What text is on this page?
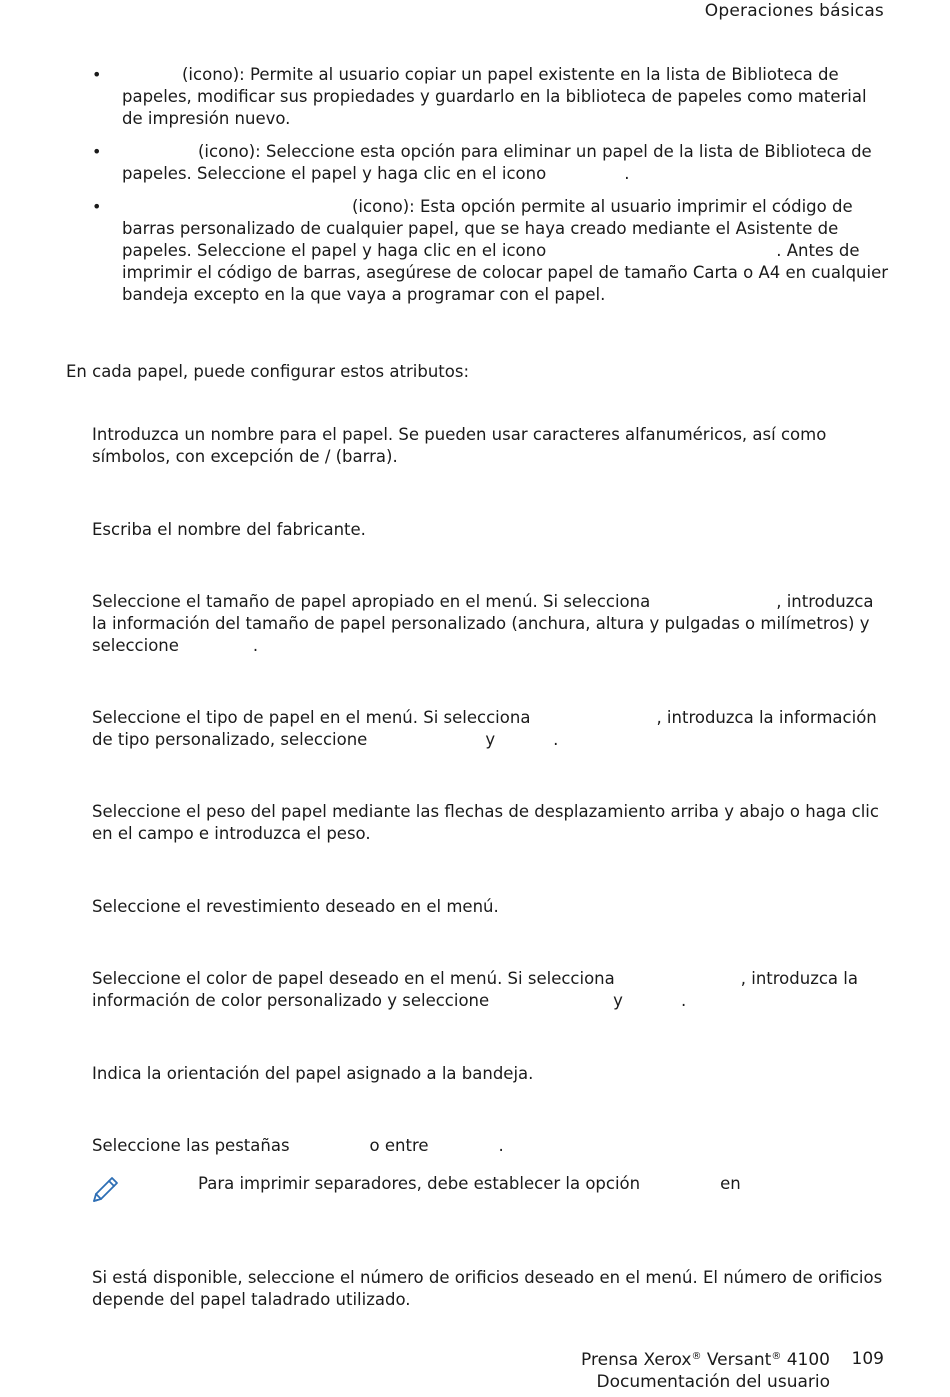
Operaciones básicas
•	(icono): Permite al usuario copiar un papel existente en la lista de Biblioteca de papeles, modificar sus propiedades y guardarlo en la biblioteca de papeles como material de impresión nuevo.
•	(icono): Seleccione esta opción para eliminar un papel de la lista de Biblioteca de papeles. Seleccione el papel y haga clic en el icono	.
•	(icono): Esta opción permite al usuario imprimir el código de barras personalizado de cualquier papel, que se haya creado mediante el Asistente de papeles. Seleccione el papel y haga clic en el icono	. Antes de imprimir el código de barras, asegúrese de colocar papel de tamaño Carta o A4 en cualquier bandeja excepto en la que vaya a programar con el papel.
En cada papel, puede configurar estos atributos:
Introduzca un nombre para el papel. Se pueden usar caracteres alfanuméricos, así como símbolos, con excepción de / (barra).
Escriba el nombre del fabricante.
Seleccione el tamaño de papel apropiado en el menú. Si selecciona	, introduzca la información del tamaño de papel personalizado (anchura, altura y pulgadas o milímetros) y seleccione	.
Seleccione el tipo de papel en el menú. Si selecciona	, introduzca la información de tipo personalizado, seleccione	y	.
Seleccione el peso del papel mediante las flechas de desplazamiento arriba y abajo o haga clic en el campo e introduzca el peso.
Seleccione el revestimiento deseado en el menú.
Seleccione el color de papel deseado en el menú. Si selecciona	, introduzca la información de color personalizado y seleccione	y	.
Indica la orientación del papel asignado a la bandeja.
Seleccione las pestañas	o entre	.
Para imprimir separadores, debe establecer la opción	en
Si está disponible, seleccione el número de orificios deseado en el menú. El número de orificios depende del papel taladrado utilizado.
Prensa Xerox® Versant® 4100
Documentación del usuario
109
